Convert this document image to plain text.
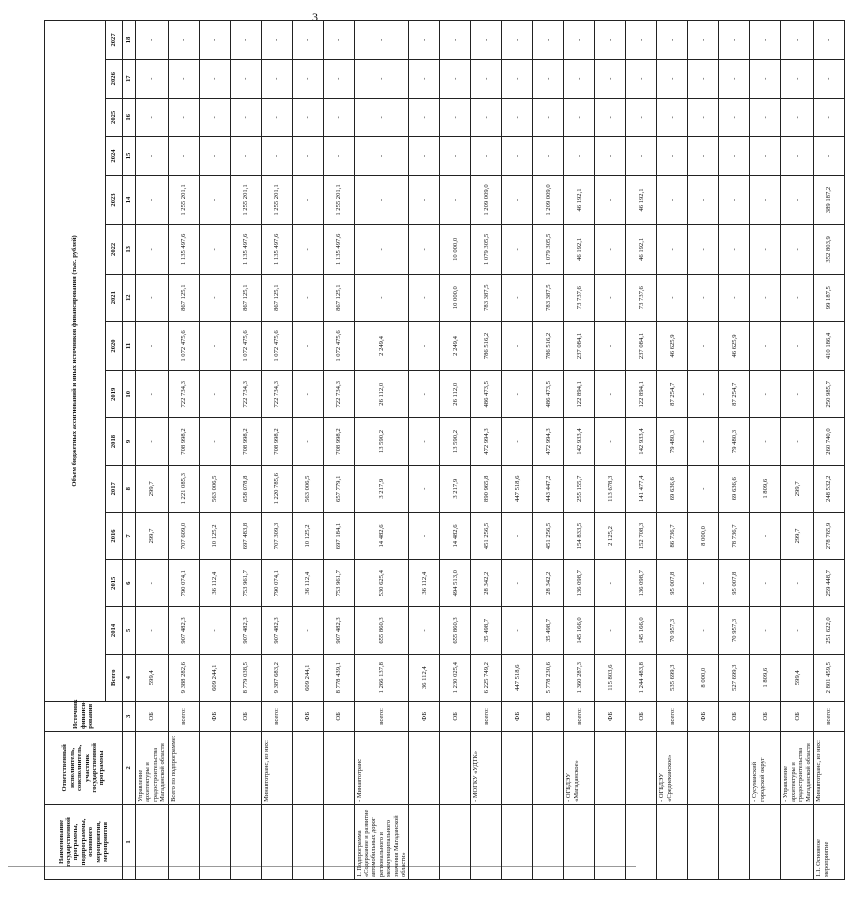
3
Наименование государственной программы, подпрограммы, основного мероприятия, мероприятия	Ответственный исполнитель, соисполнитель, участник государственной программы	Источник финанси-рования	Объем бюджетных ассигнований и иных источников финансирования (тыс. рублей)														
			Всего	2014	2015	2016	2017	2018	2019	2020	2021	2022	2023	2024	2025	2026	2027
1	2	3	4	5	6	7	8	9	10	11	12	13	14	15	16	17	18
	Управление архитектуры и градостроительства Магаданской области	ОБ	599,4	-	-	299,7	299,7	-	-	-	-	-	-	-	-	-	-
	Всего по подпрограмме:	всего:	9 388 282,6	907 482,3	790 074,1	707 609,0	1 221 085,3	708 998,2	722 734,3	1 072 475,6	867 125,1	1 135 497,6	1 255 201,1	-	-	-	-
		ФБ	609 244,1	-	36 112,4	10 125,2	563 006,5	-	-	-	-	-	-	-	-	-	-
		ОБ	8 779 038,5	907 482,3	753 961,7	697 483,8	658 078,8	708 998,2	722 734,3	1 072 475,6	867 125,1	1 135 497,6	1 255 201,1	-	-	-	-
	Минавтотранс, из них:	всего:	9 387 683,2	907 482,3	790 074,1	707 309,3	1 220 785,6	708 998,2	722 734,3	1 072 475,6	867 125,1	1 135 497,6	1 255 201,1	-	-	-	-
		ФБ	609 244,1	-	36 112,4	10 125,2	563 006,5	-	-	-	-	-	-	-	-	-	-
		ОБ	8 778 439,1	907 482,3	753 961,7	697 184,1	657 779,1	708 998,2	722 734,3	1 072 475,6	867 125,1	1 135 497,6	1 255 201,1	-	-	-	-
1. Подпрограмма «Содержание и развитие автомобильных дорог регионального и межмуниципального значения Магаданской области»	- Минавтотранс	всего:	1 266 137,8	655 860,3	530 625,4	14 482,6	3 217,9	13 590,2	26 112,0	2 249,4	-	-	-	-	-	-	-
		ФБ	36 112,4	-	36 112,4	-	-	-	-	-	-	-	-	-	-	-	-
		ОБ	1 230 025,4	655 860,3	494 513,0	14 482,6	3 217,9	13 590,2	26 112,0	2 249,4	10 000,0	10 000,0	-	-	-	-	-
	- МОГКУ «УДТК»	всего:	6 225 749,2	35 498,7	28 342,2	451 256,5	890 965,8	472 994,3	486 473,5	786 516,2	783 387,5	1 079 305,5	1 209 009,0	-	-	-	-
		ФБ	447 518,6	-	-	-	447 518,6	-	-	-	-	-	-	-	-	-	-
		ОБ	5 778 230,6	35 498,7	28 342,2	451 256,5	443 447,2	472 994,3	486 473,5	786 516,2	783 387,5	1 079 305,5	1 209 009,0	-	-	-	-
	- ОГБДЭУ «Магаданское»	всего:	1 360 287,3	145 166,0	136 098,7	154 833,5	255 155,7	142 933,4	122 894,1	237 084,1	73 737,6	46 192,1	46 192,1	-	-	-	-
		ФБ	115 803,6	-	-	2 125,2	113 678,3	-	-	-	-	-	-	-	-	-	-
		ОБ	1 244 483,8	145 166,0	136 098,7	152 708,3	141 477,4	142 933,4	122 894,1	237 084,1	73 737,6	46 192,1	46 192,1	-	-	-	-
	- ОГБДЭУ «Среднеканское»	всего:	535 699,3	70 957,3	95 007,8	86 736,7	69 636,6	79 480,3	87 254,7	46 625,9	-	-	-	-	-	-	-
		ФБ	8 000,0	-	-	8 000,0	-	-	-	-	-	-	-	-	-	-	-
		ОБ	527 699,3	70 957,3	95 007,8	78 736,7	69 636,6	79 480,3	87 254,7	46 625,9	-	-	-	-	-	-	-
	- Сусуманский городской округ	ОБ	1 809,6	-	-	-	1 809,6	-	-	-	-	-	-	-	-	-	-
	- Управление архитектуры и градостроительства Магаданской области	ОБ	599,4	-	-	299,7	299,7	-	-	-	-	-	-	-	-	-	-
1.1. Основное мероприятие	Минавтотранс, из них:	всего:	2 801 459,5	251 622,0	259 448,7	278 765,9	248 532,2	260 740,0	250 985,7	410 186,4	99 187,5	352 803,9	389 187,2	-	-	-	-
